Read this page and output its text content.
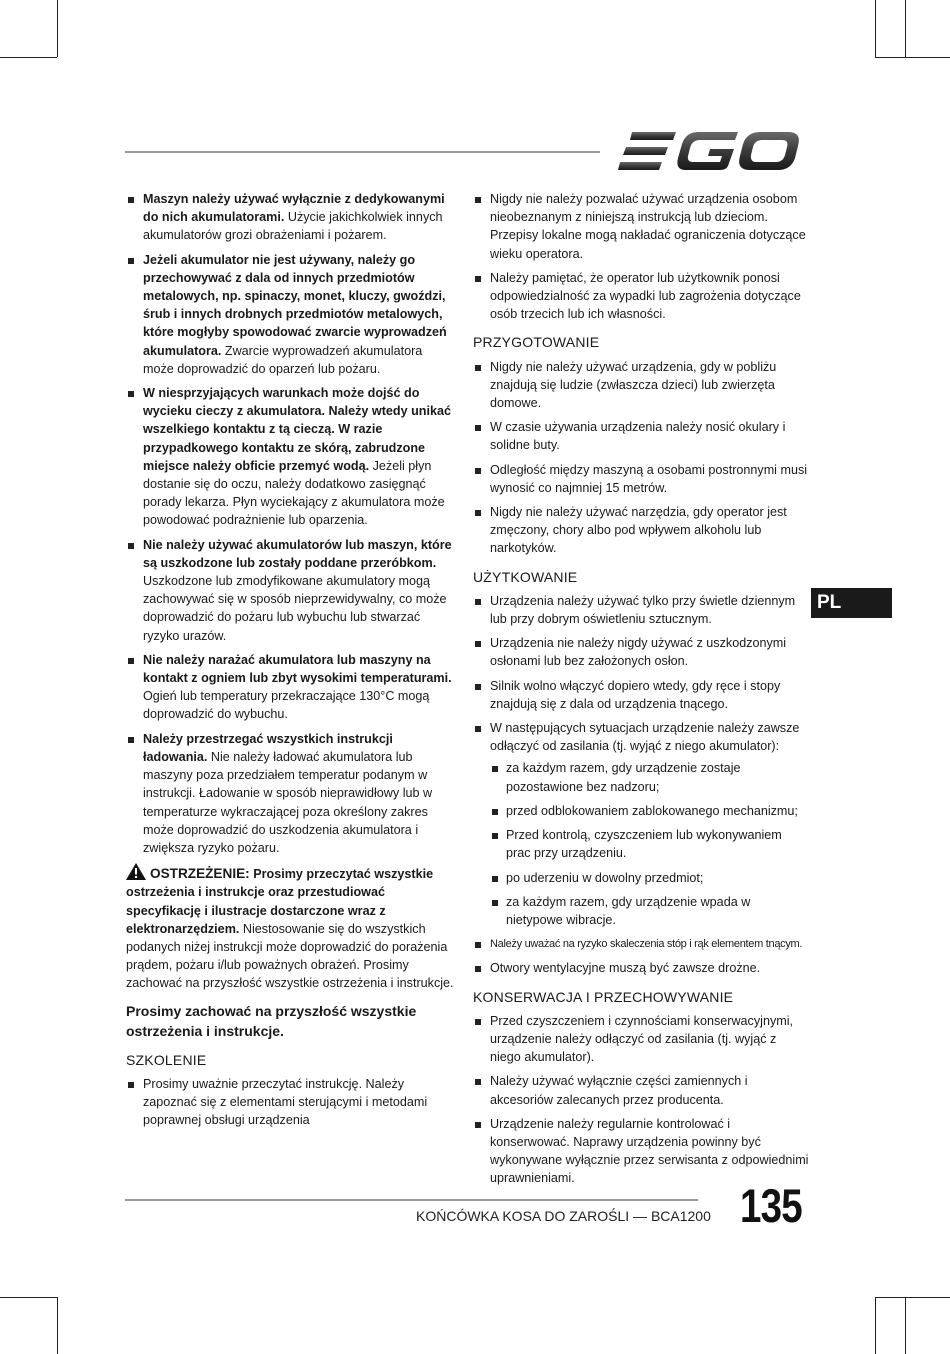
Maszyn należy używać wyłącznie z dedykowanymi do nich akumulatorami. Użycie jakichkolwiek innych akumulatorów grozi obrażeniami i pożarem.
Jeżeli akumulator nie jest używany, należy go przechowywać z dala od innych przedmiotów metalowych, np. spinaczy, monet, kluczy, gwoździ, śrub i innych drobnych przedmiotów metalowych, które mogłyby spowodować zwarcie wyprowadzeń akumulatora. Zwarcie wyprowadzeń akumulatora może doprowadzić do oparzeń lub pożaru.
W niesprzyjających warunkach może dojść do wycieku cieczy z akumulatora. Należy wtedy unikać wszelkiego kontaktu z tą cieczą. W razie przypadkowego kontaktu ze skórą, zabrudzone miejsce należy obficie przemyć wodą. Jeżeli płyn dostanie się do oczu, należy dodatkowo zasięgnąć porady lekarza. Płyn wyciekający z akumulatora może powodować podrażnienie lub oparzenia.
Nie należy używać akumulatorów lub maszyn, które są uszkodzone lub zostały poddane przeróbkom. Uszkodzone lub zmodyfikowane akumulatory mogą zachowywać się w sposób nieprzewidywalny, co może doprowadzić do pożaru lub wybuchu lub stwarzać ryzyko urazów.
Nie należy narażać akumulatora lub maszyny na kontakt z ogniem lub zbyt wysokimi temperaturami. Ogień lub temperatury przekraczające 130°C mogą doprowadzić do wybuchu.
Należy przestrzegać wszystkich instrukcji ładowania. Nie należy ładować akumulatora lub maszyny poza przedziałem temperatur podanym w instrukcji. Ładowanie w sposób nieprawidłowy lub w temperaturze wykraczającej poza określony zakres może doprowadzić do uszkodzenia akumulatora i zwiększa ryzyko pożaru.
OSTRZEŻENIE: Prosimy przeczytać wszystkie ostrzeżenia i instrukcje oraz przestudiować specyfikację i ilustracje dostarczone wraz z elektronarzędziem. Niestosowanie się do wszystkich podanych niżej instrukcji może doprowadzić do porażenia prądem, pożaru i/lub poważnych obrażeń. Prosimy zachować na przyszłość wszystkie ostrzeżenia i instrukcje.
Prosimy zachować na przyszłość wszystkie ostrzeżenia i instrukcje.
SZKOLENIE
Prosimy uważnie przeczytać instrukcję. Należy zapoznać się z elementami sterującymi i metodami poprawnej obsługi urządzenia
Nigdy nie należy pozwalać używać urządzenia osobom nieobeznanym z niniejszą instrukcją lub dzieciom. Przepisy lokalne mogą nakładać ograniczenia dotyczące wieku operatora.
Należy pamiętać, że operator lub użytkownik ponosi odpowiedzialność za wypadki lub zagrożenia dotyczące osób trzecich lub ich własności.
PRZYGOTOWANIE
Nigdy nie należy używać urządzenia, gdy w pobliżu znajdują się ludzie (zwłaszcza dzieci) lub zwierzęta domowe.
W czasie używania urządzenia należy nosić okulary i solidne buty.
Odległość między maszyną a osobami postronnymi musi wynosić co najmniej 15 metrów.
Nigdy nie należy używać narzędzia, gdy operator jest zmęczony, chory albo pod wpływem alkoholu lub narkotyków.
UŻYTKOWANIE
Urządzenia należy używać tylko przy świetle dziennym lub przy dobrym oświetleniu sztucznym.
Urządzenia nie należy nigdy używać z uszkodzonymi osłonami lub bez założonych osłon.
Silnik wolno włączyć dopiero wtedy, gdy ręce i stopy znajdują się z dala od urządzenia tnącego.
W następujących sytuacjach urządzenie należy zawsze odłączyć od zasilania (tj. wyjąć z niego akumulator):
za każdym razem, gdy urządzenie zostaje pozostawione bez nadzoru;
przed odblokowaniem zablokowanego mechanizmu;
Przed kontrolą, czyszczeniem lub wykonywaniem prac przy urządzeniu.
po uderzeniu w dowolny przedmiot;
za każdym razem, gdy urządzenie wpada w nietypowe wibracje.
Należy uważać na ryzyko skaleczenia stóp i rąk elementem tnącym.
Otwory wentylacyjne muszą być zawsze drożne.
KONSERWACJA I PRZECHOWYWANIE
Przed czyszczeniem i czynnościami konserwacyjnymi, urządzenie należy odłączyć od zasilania (tj. wyjąć z niego akumulator).
Należy używać wyłącznie części zamiennych i akcesoriów zalecanych przez producenta.
Urządzenie należy regularnie kontrolować i konserwować. Naprawy urządzenia powinny być wykonywane wyłącznie przez serwisanta z odpowiednimi uprawnieniami.
PL
KOŃCÓWKA KOSA DO ZAROŚLI — BCA1200 135
